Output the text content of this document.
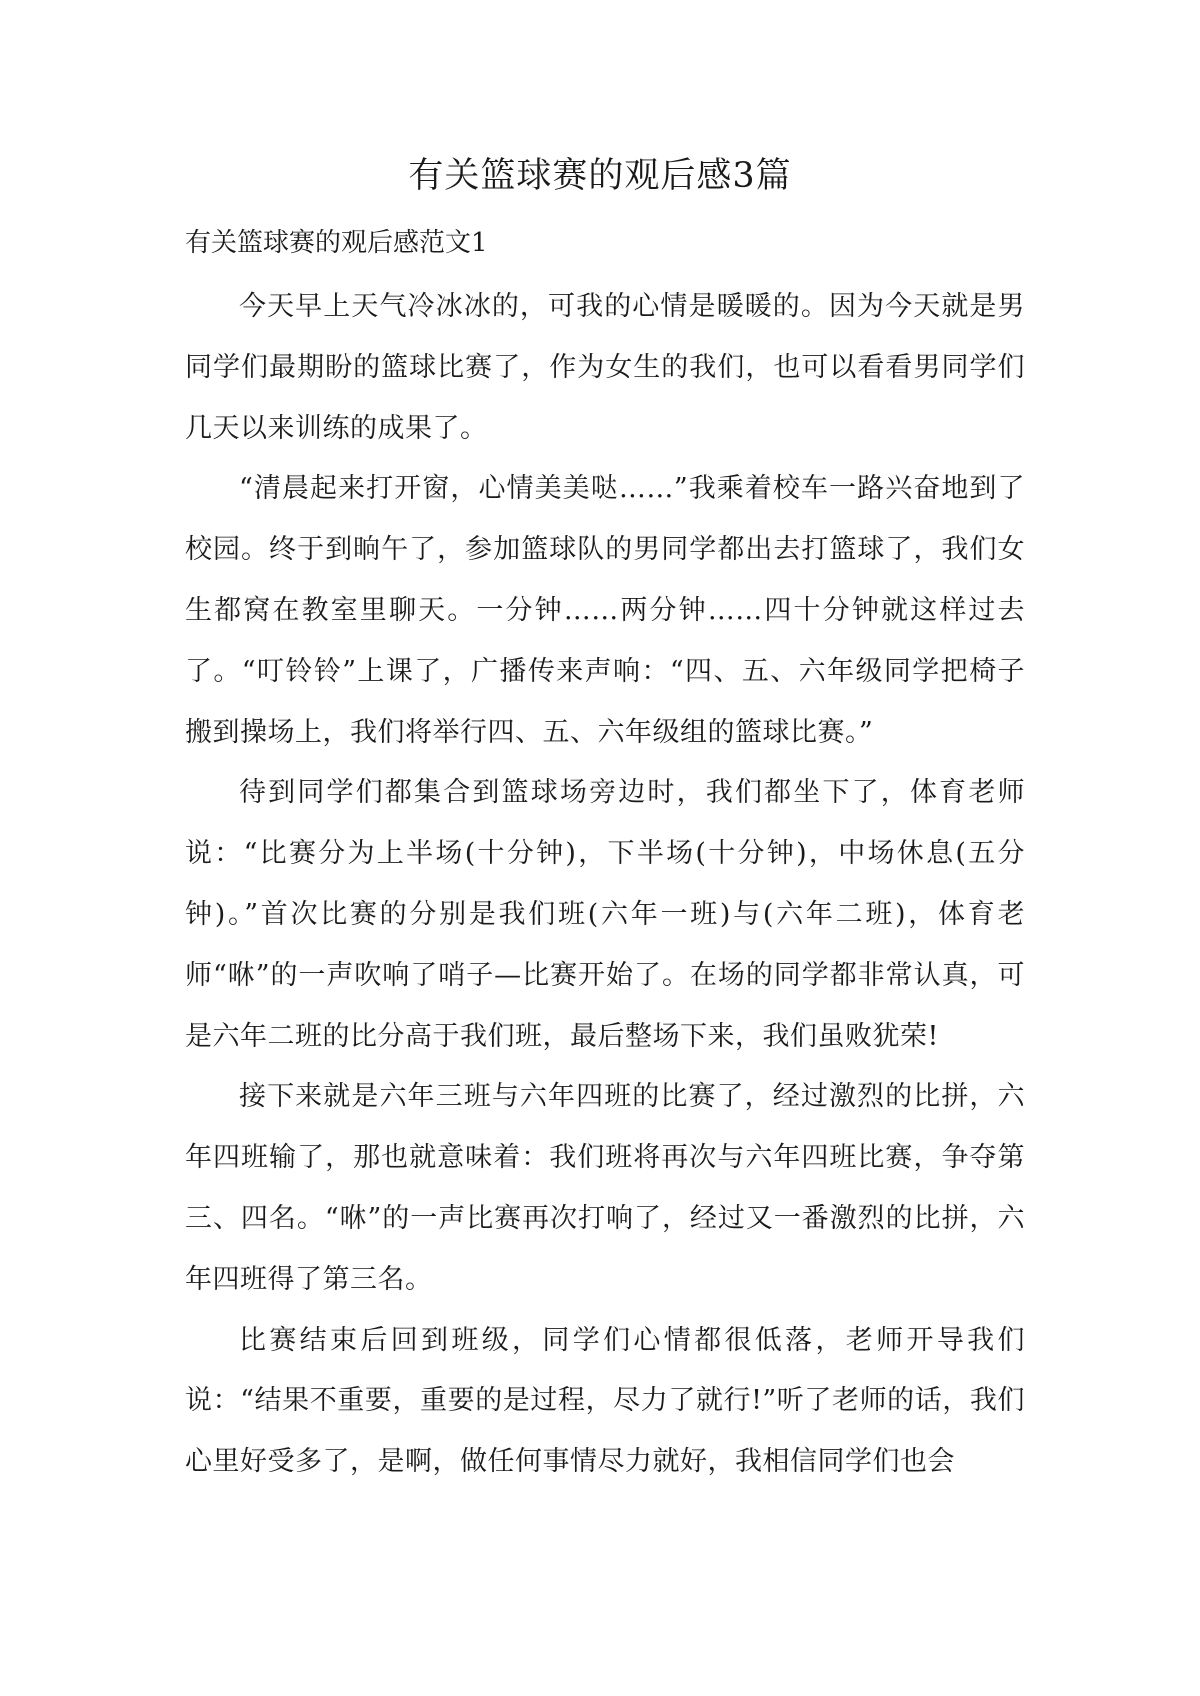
有关篮球赛的观后感3篇
有关篮球赛的观后感范文1

今天早上天气冷冰冰的，可我的心情是暖暖的。因为今天就是男同学们最期盼的篮球比赛了，作为女生的我们，也可以看看男同学们几天以来训练的成果了。

“清晨起来打开窗，心情美美哒……”我乘着校车一路兴奋地到了校园。终于到晌午了，参加篮球队的男同学都出去打篮球了，我们女生都窝在教室里聊天。一分钟……两分钟……四十分钟就这样过去了。“叮铃铃”上课了，广播传来声响：“四、五、六年级同学把椅子搬到操场上，我们将举行四、五、六年级组的篮球比赛。”

待到同学们都集合到篮球场旁边时，我们都坐下了，体育老师说：“比赛分为上半场(十分钟)，下半场(十分钟)，中场休息(五分钟)。”首次比赛的分别是我们班(六年一班)与(六年二班)，体育老师“咻”的一声吹响了哨子—比赛开始了。在场的同学都非常认真，可是六年二班的比分高于我们班，最后整场下来，我们虽败犹荣!

接下来就是六年三班与六年四班的比赛了，经过激烈的比拼，六年四班输了，那也就意味着：我们班将再次与六年四班比赛，争夺第三、四名。“咻”的一声比赛再次打响了，经过又一番激烈的比拼，六年四班得了第三名。

比赛结束后回到班级，同学们心情都很低落，老师开导我们说：“结果不重要，重要的是过程，尽力了就行!”听了老师的话，我们心里好受多了，是啊，做任何事情尽力就好，我相信同学们也会
